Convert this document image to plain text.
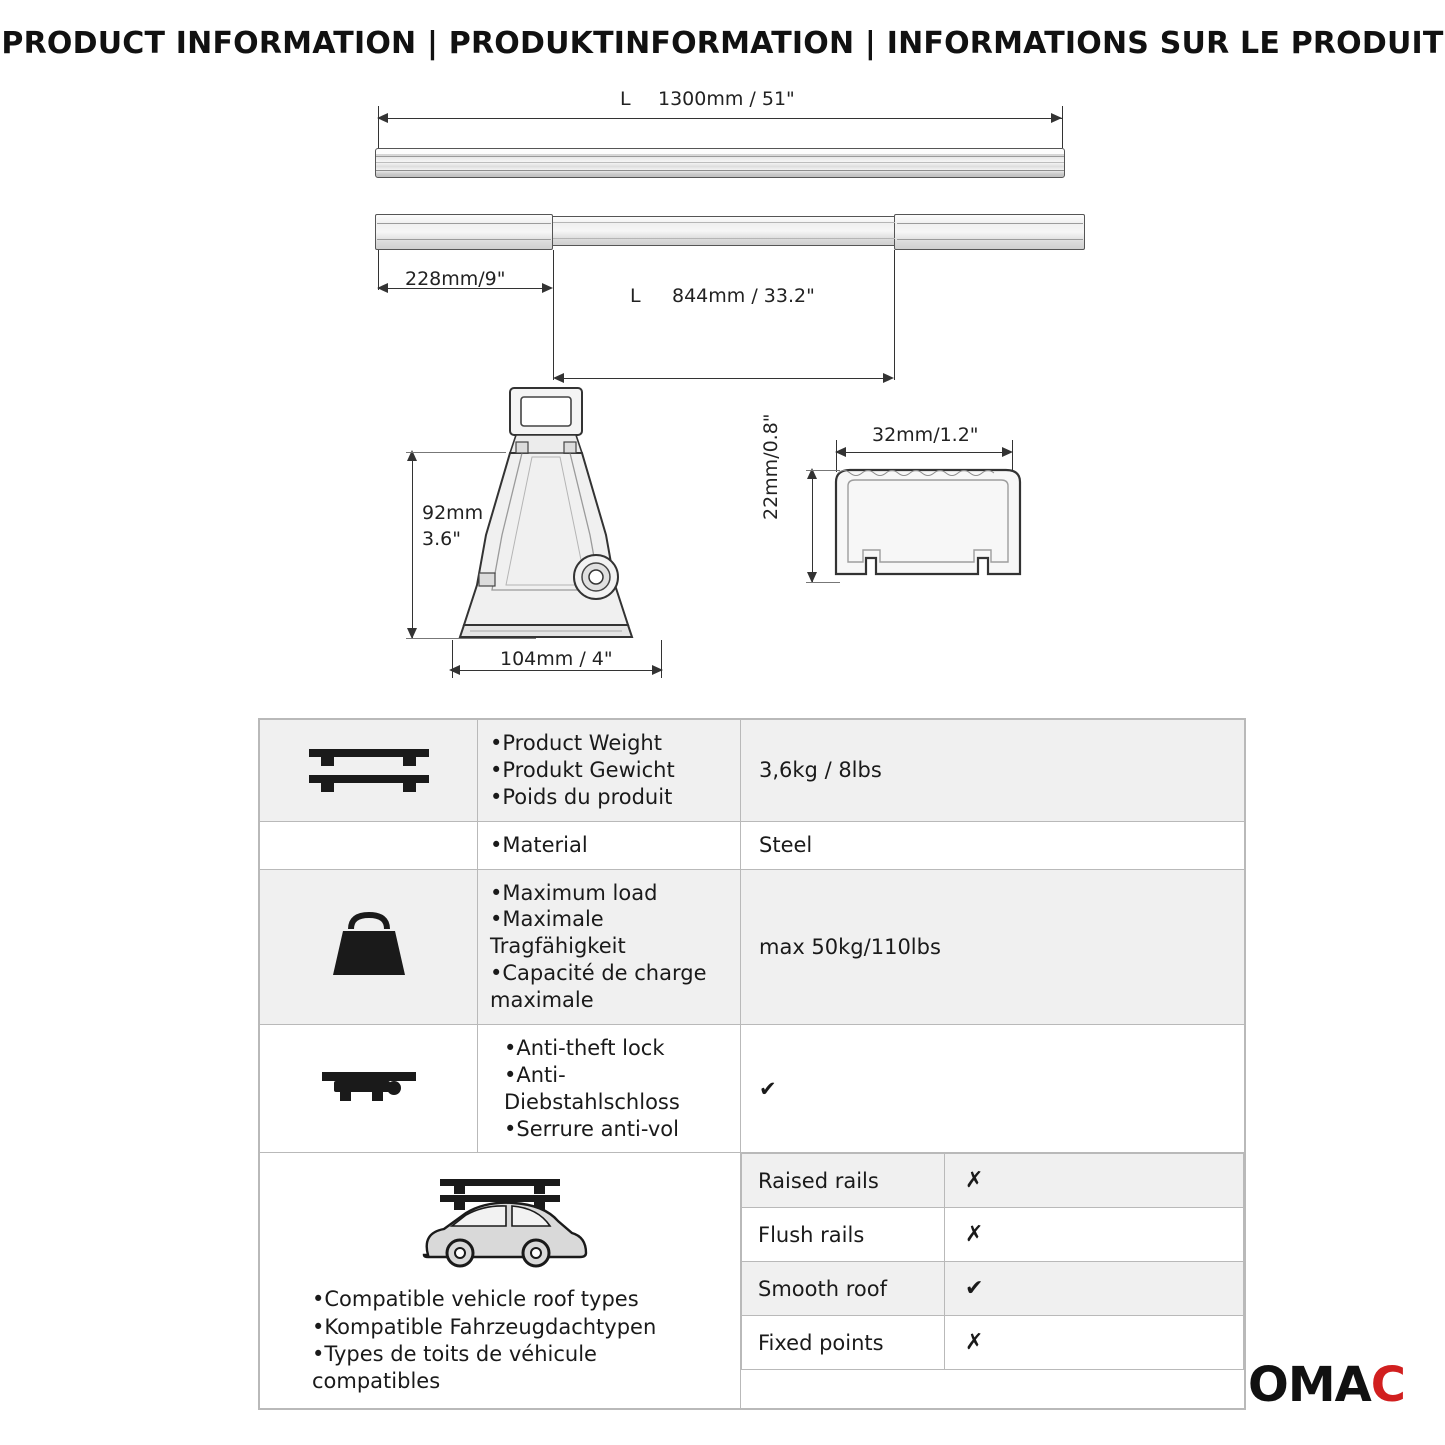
PRODUCT INFORMATION | PRODUKTINFORMATION | INFORMATIONS SUR LE PRODUIT
L 1300mm / 51"
228mm/9"
L 844mm / 33.2"
92mm
3.6"
104mm / 4"
32mm/1.2"
22mm/0.8"

•Product Weight
•Produkt Gewicht
•Poids du produit
	3,6kg / 8lbs

•Material	Steel

•Maximum load
•Maximale Tragfähigkeit
•Capacité de charge maximale
	max 50kg/110lbs

•Anti-theft lock
•Anti-Diebstahlschloss
•Serrure anti-vol
	✔

•Compatible vehicle roof types
•Kompatible Fahrzeugdachtypen
•Types de toits de véhicule compatibles

Raised rails	✗
Flush rails	✗
Smooth roof	✔
Fixed points	✗
OM A C
